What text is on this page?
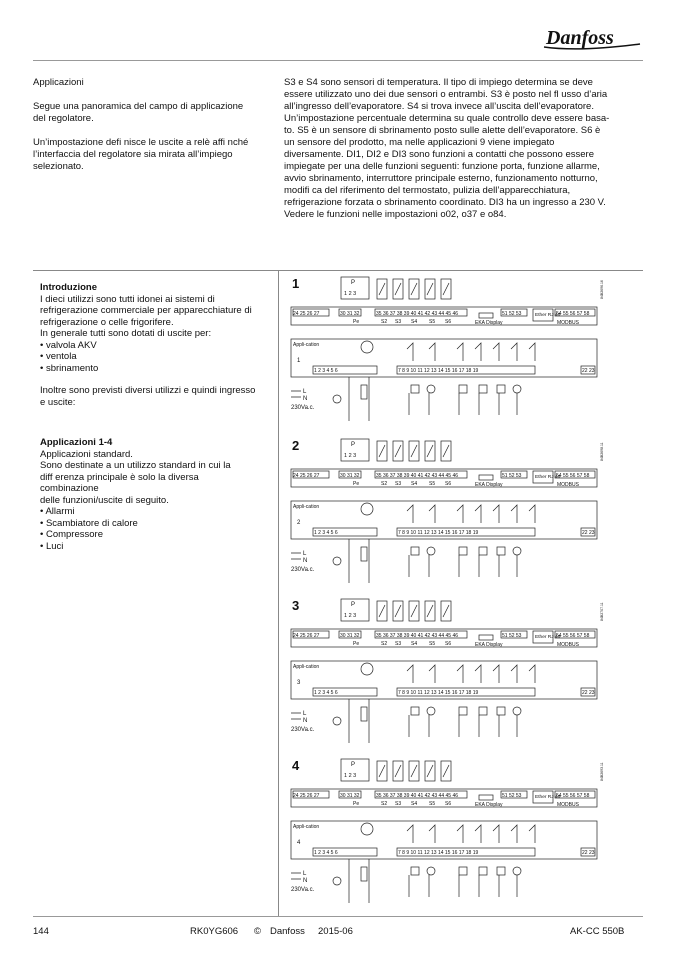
Danfoss

Applicazioni

Segue una panoramica del campo di applicazione del regolatore.

Un’impostazione defi nisce le uscite a relè affi nché l’interfaccia del regolatore sia mirata all’impiego selezionato.

S3 e S4 sono sensori di temperatura. Il tipo di impiego determina se deve essere utilizzato uno dei due sensori o entrambi. S3 è posto nel fl usso d’aria all’ingresso dell’evaporatore. S4 si trova invece all’uscita dell’evaporatore. Un’impostazione percentuale determina su quale controllo deve essere basa-to. S5 è un sensore di sbrinamento posto sulle alette dell’evaporatore. S6 è un sensore del prodotto, ma nelle applicazioni 9 viene impiegato diversamente. DI1, DI2 e DI3 sono funzioni a contatti che possono essere impiegate per una delle funzioni seguenti: funzione porta, funzione allarme, avvio sbrinamento, interruttore principale esterno, funzionamento notturno, modifi ca del riferimento del termostato, pulizia dell’apparecchiatura, refrigerazione forzata o sbrinamento coordinato. DI3 ha un ingresso a 230 V. Vedere le funzioni nelle impostazioni o02, o37 e o84.

Introduzione
I dieci utilizzi sono tutti idonei ai sistemi di
refrigerazione commerciale per apparecchiature di
refrigerazione o celle frigorifere.
In generale tutti sono dotati di uscite per:
• valvola AKV
• ventola
• sbrinamento
Inoltre sono previsti diversi utilizzi e quindi ingresso
e uscite:
Applicazioni 1-4
Applicazioni standard.
Sono destinate a un utilizzo standard in cui la
diff erenza principale è solo la diversa
combinazione
delle funzioni/uscite di seguito.
• Allarmi
• Scambiatore di calore
• Compressore
• Luci
1	P
1 2 3
24 25 26 27	30 31 32	35 36 37 38 39 40 41 42 43 44 45 46	51 52 53	Ether RJ 45
54 55 56 57 58
Pe	S2 S3 S4 S5 S6	EKA Display	MODBUS
Appli-cation
1 2 3 4 5 6	7 8 9 10 11 12 13 14 15 16 17 18 19	22 23
L
N
230Va.c.
1
84B2696.16
2	P
1 2 3
24 25 26 27	30 31 32	35 36 37 38 39 40 41 42 43 44 45 46	51 52 53	Ether RJ 45
54 55 56 57 58
Pe	S2 S3 S4 S5 S6	EKA Display	MODBUS
Appli-cation
1 2 3 4 5 6	7 8 9 10 11 12 13 14 15 16 17 18 19	22 23
L
N
230Va.c.
2
84B2698.11
3	P
1 2 3
24 25 26 27	30 31 32	35 36 37 38 39 40 41 42 43 44 45 46	51 52 53	Ether RJ 45
54 55 56 57 58
Pe	S2 S3 S4 S5 S6	EKA Display	MODBUS
Appli-cation
1 2 3 4 5 6	7 8 9 10 11 12 13 14 15 16 17 18 19	22 23
L
N
230Va.c.
3
84B2707.11
4	P
1 2 3
24 25 26 27	30 31 32	35 36 37 38 39 40 41 42 43 44 45 46	51 52 53	Ether RJ 45
54 55 56 57 58
Pe	S2 S3 S4 S5 S6	EKA Display	MODBUS
Appli-cation
1 2 3 4 5 6	7 8 9 10 11 12 13 14 15 16 17 18 19	22 23
L
N
230Va.c.
4
84B2693.11
144	RK0YG606 © Danfoss 2015-06	AK-CC 550B
